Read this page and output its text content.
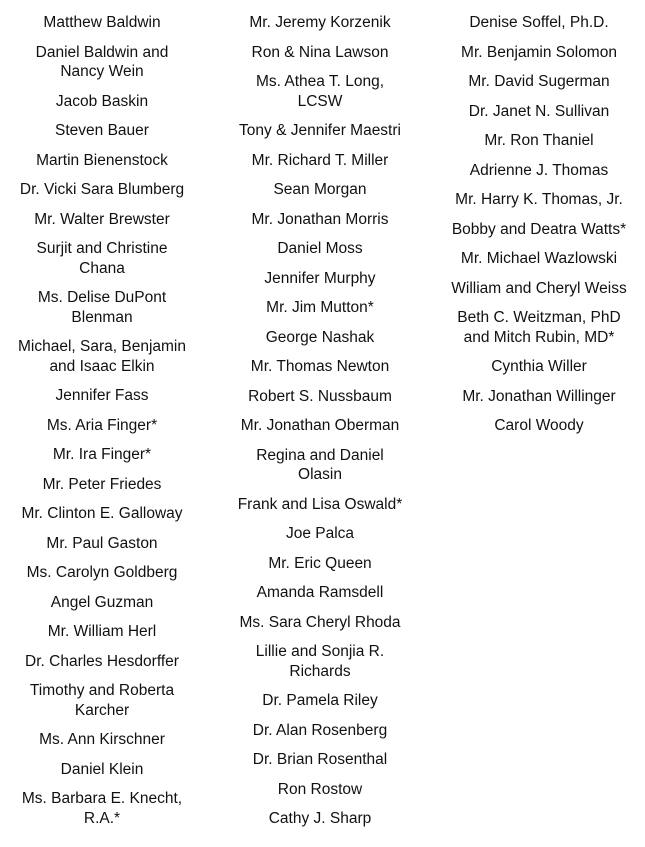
Matthew Baldwin
Daniel Baldwin and Nancy Wein
Jacob Baskin
Steven Bauer
Martin Bienenstock
Dr. Vicki Sara Blumberg
Mr. Walter Brewster
Surjit and Christine Chana
Ms. Delise DuPont Blenman
Michael, Sara, Benjamin and Isaac Elkin
Jennifer Fass
Ms. Aria Finger*
Mr. Ira Finger*
Mr. Peter Friedes
Mr. Clinton E. Galloway
Mr. Paul Gaston
Ms. Carolyn Goldberg
Angel Guzman
Mr. William Herl
Dr. Charles Hesdorffer
Timothy and Roberta Karcher
Ms. Ann Kirschner
Daniel Klein
Ms. Barbara E. Knecht, R.A.*
Mr. Jeremy Korzenik
Ron & Nina Lawson
Ms. Athea T. Long, LCSW
Tony & Jennifer Maestri
Mr. Richard T. Miller
Sean Morgan
Mr. Jonathan Morris
Daniel Moss
Jennifer Murphy
Mr. Jim Mutton*
George Nashak
Mr. Thomas Newton
Robert S. Nussbaum
Mr. Jonathan Oberman
Regina and Daniel Olasin
Frank and Lisa Oswald*
Joe Palca
Mr. Eric Queen
Amanda Ramsdell
Ms. Sara Cheryl Rhoda
Lillie and Sonjia R. Richards
Dr. Pamela Riley
Dr. Alan Rosenberg
Dr. Brian Rosenthal
Ron Rostow
Cathy J. Sharp
Denise Soffel, Ph.D.
Mr. Benjamin Solomon
Mr. David Sugerman
Dr. Janet N. Sullivan
Mr. Ron Thaniel
Adrienne J. Thomas
Mr. Harry K. Thomas, Jr.
Bobby and Deatra Watts*
Mr. Michael Wazlowski
William and Cheryl Weiss
Beth C. Weitzman, PhD and Mitch Rubin, MD*
Cynthia Willer
Mr. Jonathan Willinger
Carol Woody
